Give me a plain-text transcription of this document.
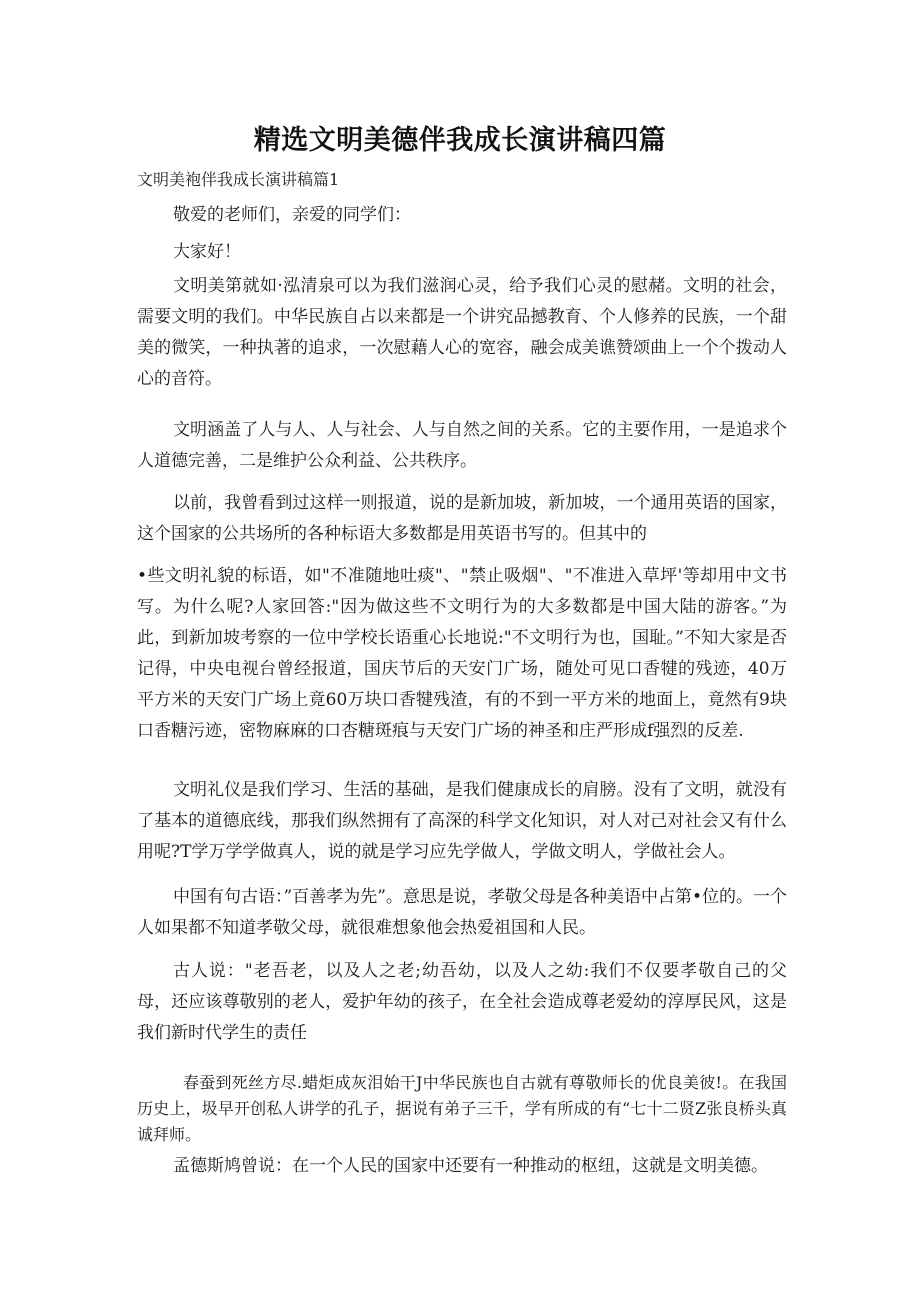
精选文明美德伴我成长演讲稿四篇
文明美袍伴我成长演讲稿篇1

敬爱的老师们，亲爱的同学们：

大家好！

文明美第就如·泓清泉可以为我们滋润心灵，给予我们心灵的慰赭。文明的社会，需要文明的我们。中华民族自占以来都是一个讲究品撼教育、个人修养的民族，一个甜美的微笑，一种执著的追求，一次慰藉人心的宽容，融会成美谯赞颂曲上一个个拨动人心的音符。

文明涵盖了人与人、人与社会、人与自然之间的关系。它的主要作用，一是追求个人道德完善，二是维护公众利益、公共秩序。

以前，我曾看到过这样一则报道，说的是新加坡，新加坡，一个通用英语的国家，这个国家的公共场所的各种标语大多数都是用英语书写的。但其中的

•些文明礼貌的标语，如"不准随地吐痰"、"禁止吸烟"、"不准进入草坪'等却用中文书写。为什么呢?人家回答:"因为做这些不文明行为的大多数都是中国大陆的游客。”为此，到新加坡考察的一位中学校长语重心长地说:"不文明行为也，国耻。”不知大家是否记得，中央电视台曾经报道，国庆节后的天安门广场，随处可见口香犍的残迹，40万平方米的天安门广场上竟60万块口香犍残渣，有的不到一平方米的地面上，竟然有9块口香糖污迹，密物麻麻的口杏糖斑痕与天安门广场的神圣和庄严形成f强烈的反差.

文明礼仪是我们学习、生活的基础，是我们健康成长的肩膀。没有了文明，就没有了基本的道德底线，那我们纵然拥有了高深的科学文化知识，对人对己对社会又有什么用呢?T学万学学做真人，说的就是学习应先学做人，学做文明人，学做社会人。

中国有句古语：”百善孝为先”。意思是说，孝敬父母是各种美语中占第•位的。一个人如果都不知道孝敬父母，就很难想象他会热爱祖国和人民。

古人说："老吾老，以及人之老;幼吾幼，以及人之幼:我们不仅要孝敬自己的父母，还应该尊敬别的老人，爱护年幼的孩子，在全社会造成尊老爱幼的淳厚民风，这是我们新时代学生的责任

春蚕到死丝方尽.蜡炬成灰泪始干J中华民族也自古就有尊敬师长的优良美彼!。在我国历史上，圾早开创私人讲学的孔子，据说有弟子三千，学有所成的有“七十二贤Z张良桥头真诚拜师。

孟德斯鸠曾说：在一个人民的国家中还要有一种推动的枢纽，这就是文明美德。
